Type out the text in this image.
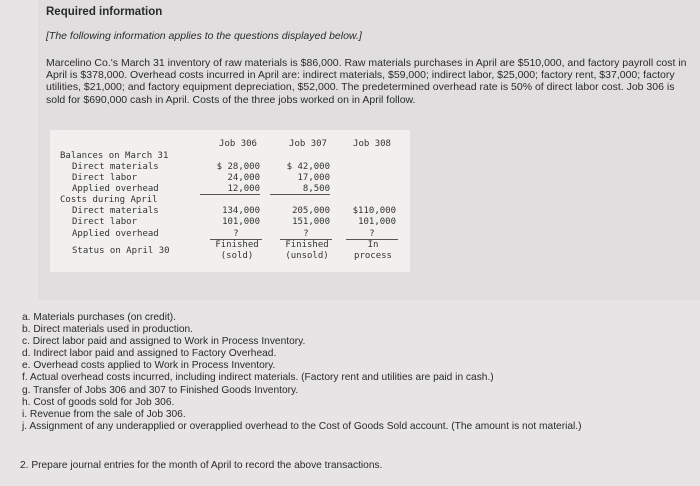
Required information
[The following information applies to the questions displayed below.]
Marcelino Co.'s March 31 inventory of raw materials is $86,000. Raw materials purchases in April are $510,000, and factory payroll cost in April is $378,000. Overhead costs incurred in April are: indirect materials, $59,000; indirect labor, $25,000; factory rent, $37,000; factory utilities, $21,000; and factory equipment depreciation, $52,000. The predetermined overhead rate is 50% of direct labor cost. Job 306 is sold for $690,000 cash in April. Costs of the three jobs worked on in April follow.
Job 306	Job 307	Job 308
Balances on March 31
Direct materials
Direct labor
Applied overhead
Costs during April
Direct materials
Direct labor
Applied overhead
Status on April 30
$ 28,000
24,000
12,000
134,000
101,000
?
Finished
(sold)
$ 42,000
17,000
8,500
205,000
151,000
?
Finished
(unsold)
$110,000
101,000
?
In
process
a. Materials purchases (on credit).
b. Direct materials used in production.
c. Direct labor paid and assigned to Work in Process Inventory.
d. Indirect labor paid and assigned to Factory Overhead.
e. Overhead costs applied to Work in Process Inventory.
f. Actual overhead costs incurred, including indirect materials. (Factory rent and utilities are paid in cash.)
g. Transfer of Jobs 306 and 307 to Finished Goods Inventory.
h. Cost of goods sold for Job 306.
i. Revenue from the sale of Job 306.
j. Assignment of any underapplied or overapplied overhead to the Cost of Goods Sold account. (The amount is not material.)
2. Prepare journal entries for the month of April to record the above transactions.
